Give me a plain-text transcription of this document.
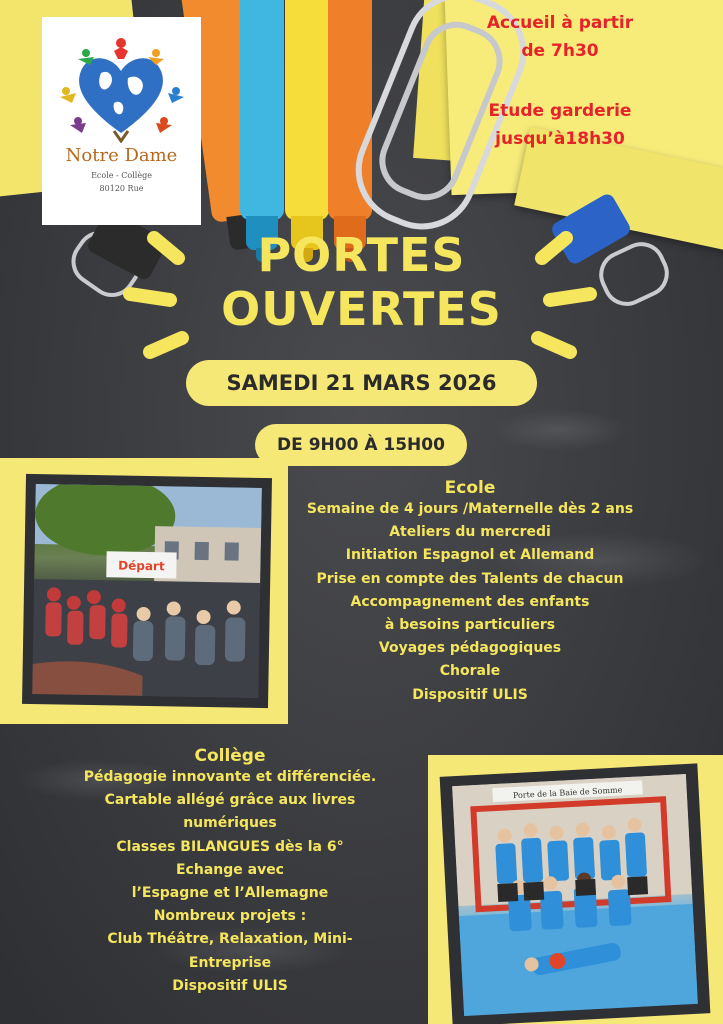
Notre Dame
Ecole - Collège
80120 Rue
Accueil à partir
de 7h30
Etude garderie
jusqu’à18h30
PORTES
OUVERTES
SAMEDI 21 MARS 2026
DE 9H00 À 15H00
Départ
Porte de la Baie de Somme
Ecole
Semaine de 4 jours /Maternelle dès 2 ans
Ateliers du mercredi
Initiation Espagnol et Allemand
Prise en compte des Talents de chacun
Accompagnement des enfants
à besoins particuliers
Voyages pédagogiques
Chorale
Dispositif ULIS
Collège
Pédagogie innovante et différenciée.
Cartable allégé grâce aux livres
numériques
Classes BILANGUES dès la 6°
Echange avec
l’Espagne et l’Allemagne
Nombreux projets :
Club Théâtre, Relaxation, Mini-
Entreprise
Dispositif ULIS
